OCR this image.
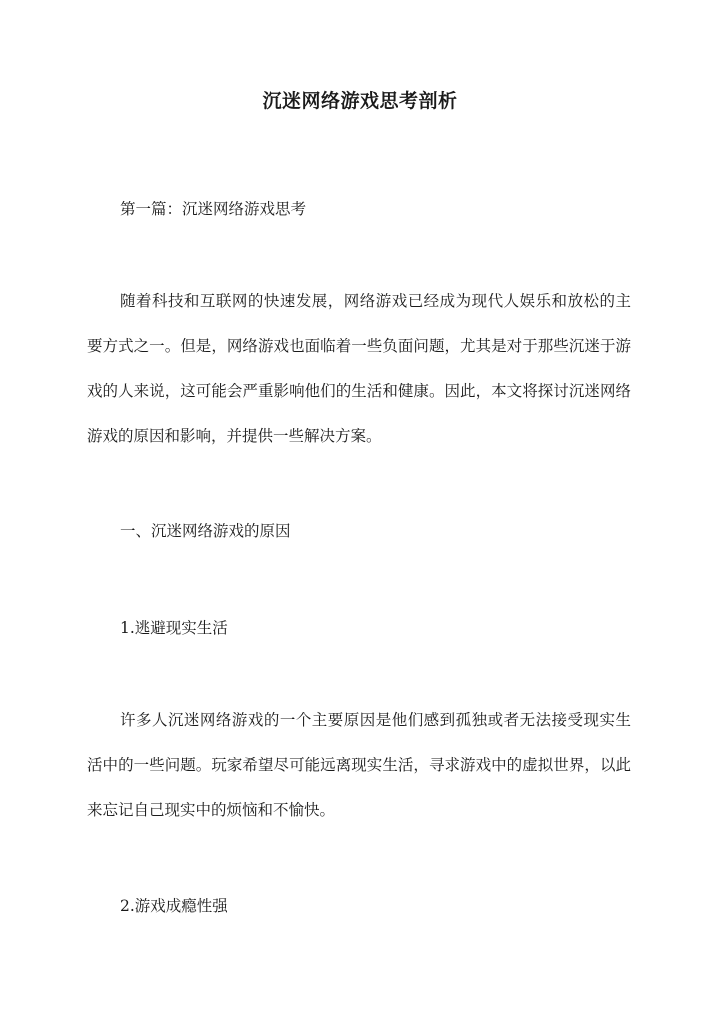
沉迷网络游戏思考剖析

第一篇：沉迷网络游戏思考

随着科技和互联网的快速发展，网络游戏已经成为现代人娱乐和放松的主要方式之一。但是，网络游戏也面临着一些负面问题，尤其是对于那些沉迷于游戏的人来说，这可能会严重影响他们的生活和健康。因此，本文将探讨沉迷网络游戏的原因和影响，并提供一些解决方案。

一、沉迷网络游戏的原因

1.逃避现实生活

许多人沉迷网络游戏的一个主要原因是他们感到孤独或者无法接受现实生活中的一些问题。玩家希望尽可能远离现实生活，寻求游戏中的虚拟世界，以此来忘记自己现实中的烦恼和不愉快。

2.游戏成瘾性强
